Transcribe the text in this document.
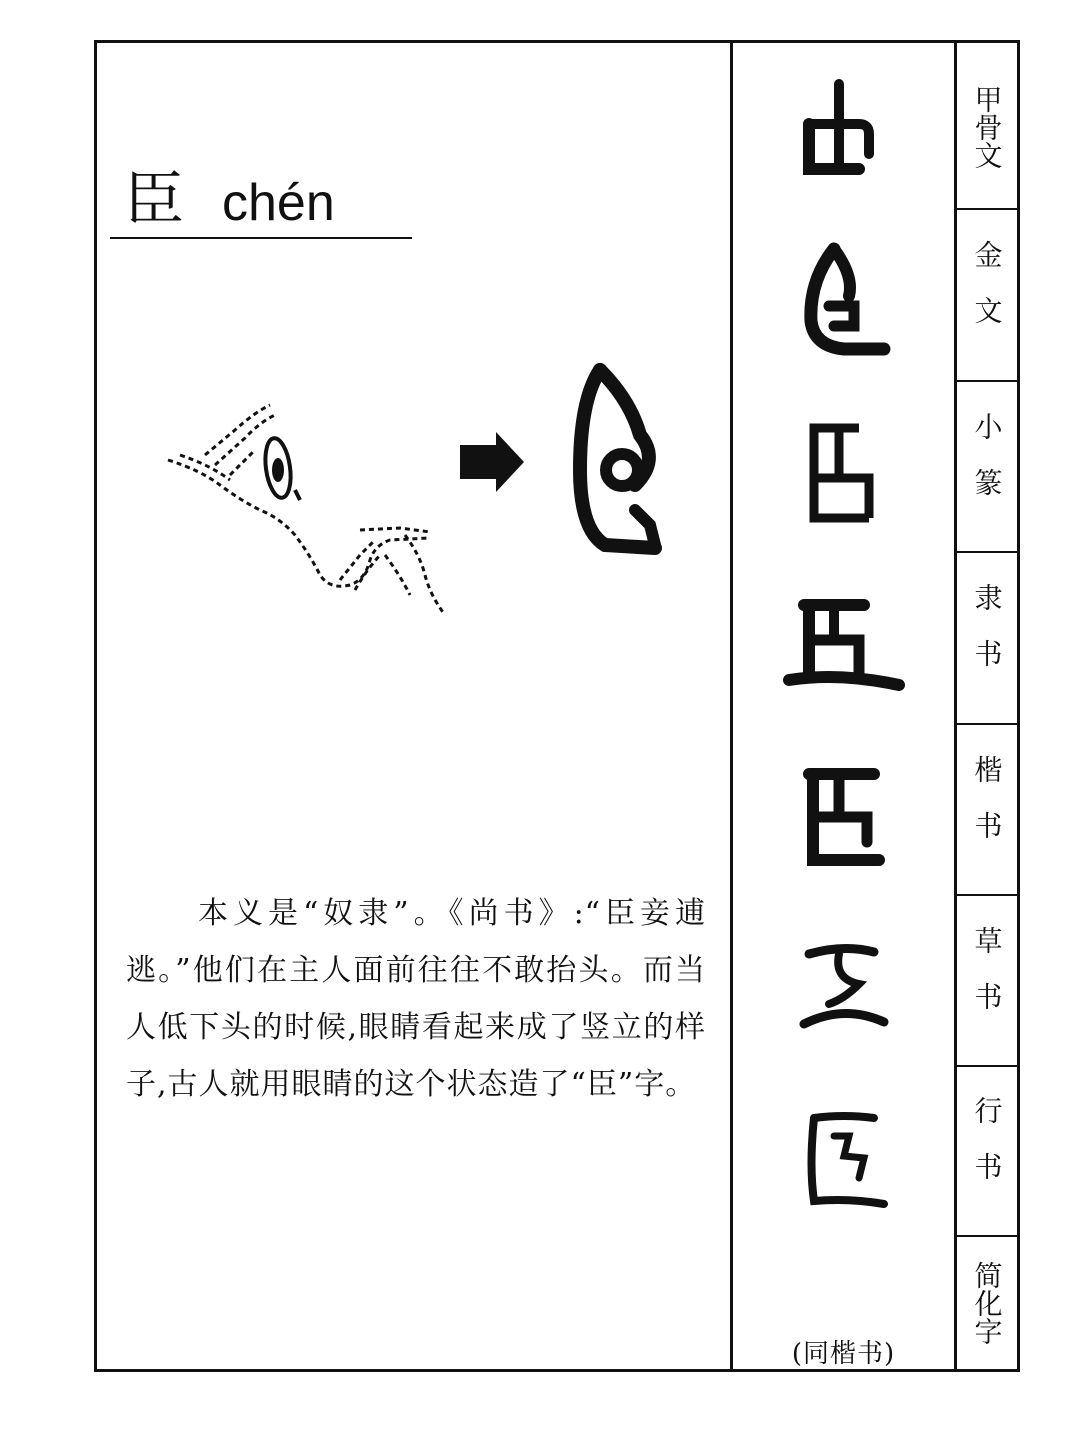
臣 chén

本义是“奴隶”。《尚书》:“臣妾逋逃。”他们在主人面前往往不敢抬头。而当人低下头的时候,眼睛看起来成了竖立的样子,古人就用眼睛的这个状态造了“臣”字。

(同楷书)
甲骨文
金文
小篆
隶书
楷书
草书
行书
简化字
